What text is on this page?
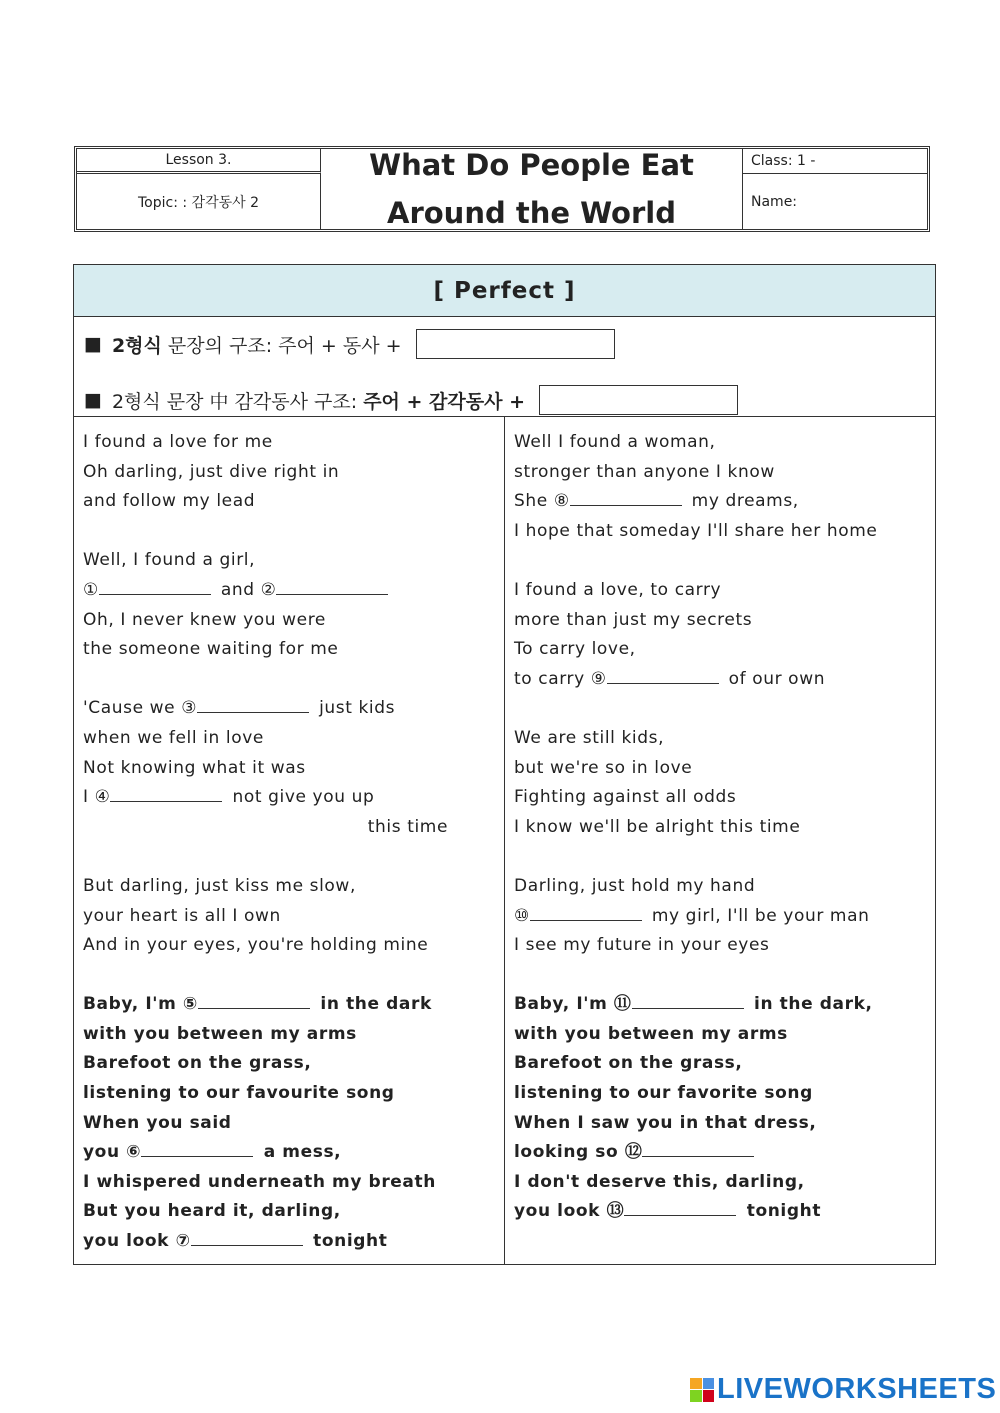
Lesson 3.
Topic: : 감각동사 2
What Do People Eat
Around the World
Class: 1 -
Name:
[ Perfect ]
■ 2형식 문장의 구조: 주어 + 동사 +
■ 2형식 문장 中 감각동사 구조: 주어 + 감각동사 +
I found a love for me
Oh darling, just dive right in
and follow my lead
Well, I found a girl,
①	and ②
Oh, I never knew you were
the someone waiting for me
'Cause we ③	just kids
when we fell in love
Not knowing what it was
I ④	not give you up
this time
But darling, just kiss me slow,
your heart is all I own
And in your eyes, you're holding mine
Baby, I'm ⑤	in the dark
with you between my arms
Barefoot on the grass,
listening to our favourite song
When you said
you ⑥	a mess,
I whispered underneath my breath
But you heard it, darling,
you look ⑦	tonight
Well I found a woman,
stronger than anyone I know
She ⑧	my dreams,
I hope that someday I'll share her home
I found a love, to carry
more than just my secrets
To carry love,
to carry ⑨	of our own
We are still kids,
but we're so in love
Fighting against all odds
I know we'll be alright this time
Darling, just hold my hand
⑩	my girl, I'll be your man
I see my future in your eyes
Baby, I'm ⑪	in the dark,
with you between my arms
Barefoot on the grass,
listening to our favorite song
When I saw you in that dress,
looking so ⑫
I don't deserve this, darling,
you look ⑬	tonight
LIVEWORKSHEETS
